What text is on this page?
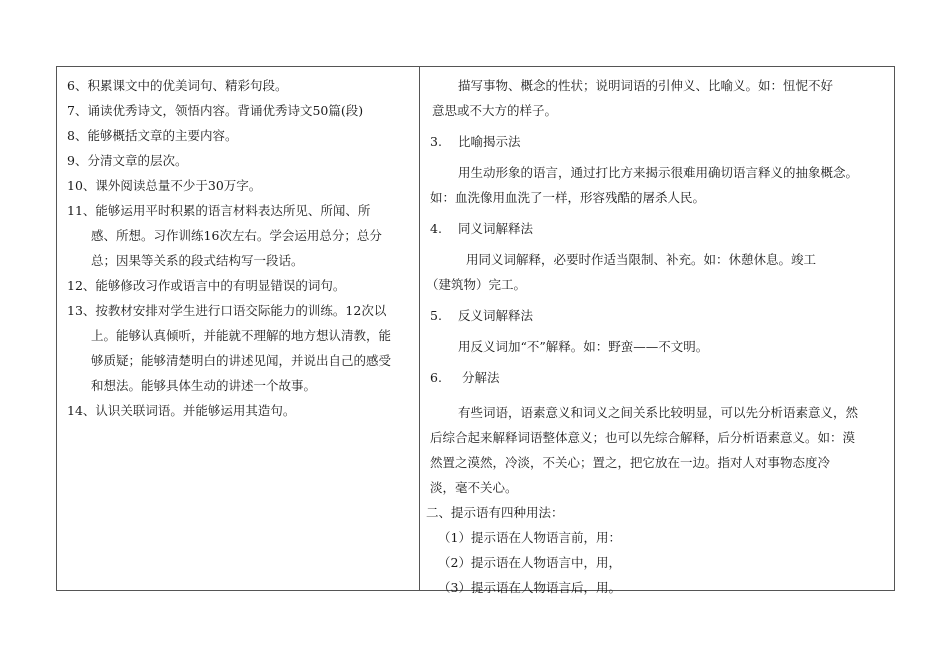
6、积累课文中的优美词句、精彩句段。
7、诵读优秀诗文，领悟内容。背诵优秀诗文50篇(段)
8、能够概括文章的主要内容。
9、分清文章的层次。
10、课外阅读总量不少于30万字。
11、能够运用平时积累的语言材料表达所见、所闻、所
感、所想。习作训练16次左右。学会运用总分；总分
总；因果等关系的段式结构写一段话。
12、能够修改习作或语言中的有明显错误的词句。
13、按教材安排对学生进行口语交际能力的训练。12次以
上。能够认真倾听，并能就不理解的地方想认清教，能
够质疑；能够清楚明白的讲述见闻，并说出自己的感受
和想法。能够具体生动的讲述一个故事。
14、认识关联词语。并能够运用其造句。
描写事物、概念的性状；说明词语的引伸义、比喻义。如：忸怩不好
意思或不大方的样子。
3. 比喻揭示法
用生动形象的语言，通过打比方来揭示很难用确切语言释义的抽象概念。
如：血洗像用血洗了一样，形容残酷的屠杀人民。
4. 同义词解释法
用同义词解释，必要时作适当限制、补充。如：休憩休息。竣工
（建筑物）完工。
5. 反义词解释法
用反义词加“不”解释。如：野蛮——不文明。
6. 分解法
有些词语，语素意义和词义之间关系比较明显，可以先分析语素意义，然
后综合起来解释词语整体意义；也可以先综合解释，后分析语素意义。如：漠
然置之漠然，冷淡，不关心；置之，把它放在一边。指对人对事物态度冷
淡，毫不关心。
二、提示语有四种用法：
（1）提示语在人物语言前，用：
（2）提示语在人物语言中，用，
（3）提示语在人物语言后，用。
